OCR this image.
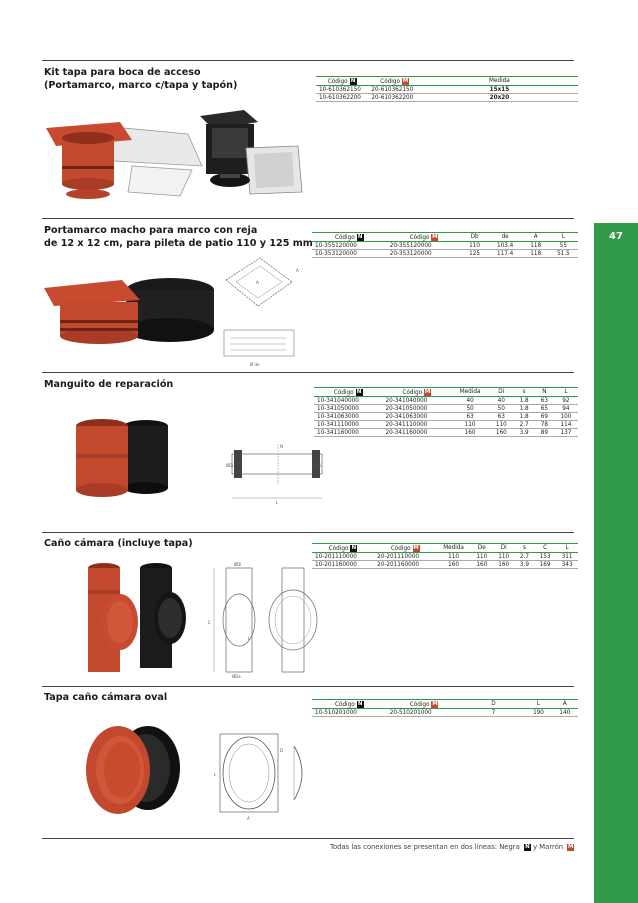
47
Kit tapa para boca de acceso
(Portamarco, marco c/tapa y tapón)	Código N	Código M	Medida
10-610362150	20-610362150	15x15
10-610362200	20-610362200	20x20
Portamarco macho para marco con reja
de 12 x 12 cm, para pileta de patio 110 y 125 mm
Código N	Código M	Db	de	A	L
10-355120000	20-355120000	110	103.4	118	55
10-353120000	20-353120000	125	117.4	118	51.5
A
A
Ø de
Manguito de reparación
Código N	Código M	Medida	Di	s	N	L
10-341040000	20-341040000	40	40	1.8	63	92
10-341050000	20-341050000	50	50	1.8	65	94
10-341063000	20-341063000	63	63	1.8	69	100
10-341110000	20-341110000	110	110	2.7	78	114
10-341160000	20-341160000	160	160	3.9	89	137
N
ØDi	ØDi
L
Caño cámara (incluye tapa)	Código N	Código M	Medida	De	Di	s	C	L
10-201110000	20-201110000	110	110	110	2.7	153	311
10-201160000	20-201160000	160	160	160	3.9	169	343
ØDi
ØDe
C
L
Tapa caño cámara oval
Código N	Código M	D	L	A
10-510201000	20-510201000	7	190	140
D
L
A
Todas las conexiones se presentan en dos líneas: Negra N y Marrón M
